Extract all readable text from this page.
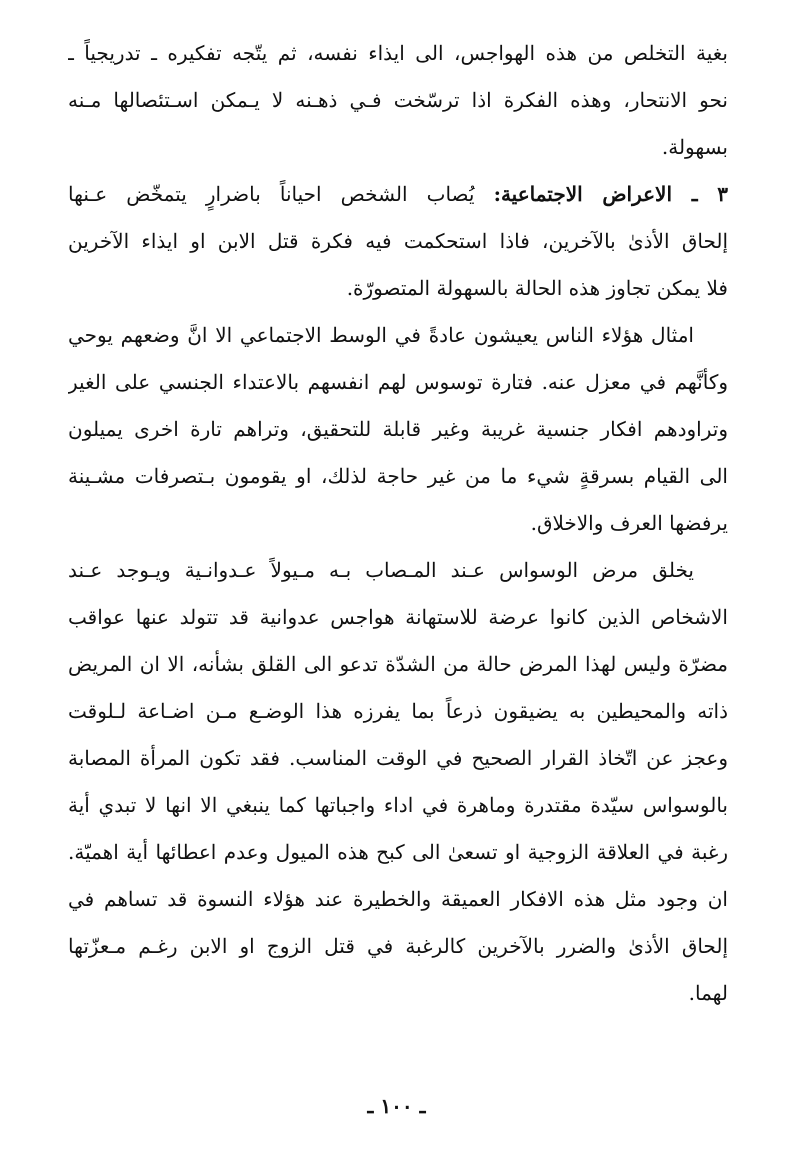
بغية التخلص من هذه الهواجس، الى ايذاء نفسه، ثم يتّجه تفكيره ـ تدريجياً ـ
نحو الانتحار، وهذه الفكرة اذا ترسّخت فـي ذهـنه لا يـمكن اسـتئصالها مـنه
بسهولة.
٣ ـ الاعراض الاجتماعية: يُصاب الشخص احياناً باضرارٍ يتمخّض عـنها
إلحاق الأذىٰ بالآخرين، فاذا استحكمت فيه فكرة قتل الابن او ايذاء الآخرين
فلا يمكن تجاوز هذه الحالة بالسهولة المتصورّة.
امثال هؤلاء الناس يعيشون عادةً في الوسط الاجتماعي الا انَّ وضعهم يوحي
وكأنَّهم في معزل عنه. فتارة توسوس لهم انفسهم بالاعتداء الجنسي على الغير
وتراودهم افكار جنسية غريبة وغير قابلة للتحقيق، وتراهم تارة اخرى يميلون
الى القيام بسرقةٍ شيء ما من غير حاجة لذلك، او يقومون بـتصرفات مشـينة
يرفضها العرف والاخلاق.
يخلق مرض الوسواس عـند المـصاب بـه مـيولاً عـدوانـية ويـوجد عـند
الاشخاص الذين كانوا عرضة للاستهانة هواجس عدوانية قد تتولد عنها عواقب
مضرّة وليس لهذا المرض حالة من الشدّة تدعو الى القلق بشأنه، الا ان المريض
ذاته والمحيطين به يضيقون ذرعاً بما يفرزه هذا الوضـع مـن اضـاعة لـلوقت
وعجز عن اتّخاذ القرار الصحيح في الوقت المناسب. فقد تكون المرأة المصابة
بالوسواس سيّدة مقتدرة وماهرة في اداء واجباتها كما ينبغي الا انها لا تبدي أية
رغبة في العلاقة الزوجية او تسعىٰ الى كبح هذه الميول وعدم اعطائها أية اهميّة.
ان وجود مثل هذه الافكار العميقة والخطيرة عند هؤلاء النسوة قد تساهم في
إلحاق الأذىٰ والضرر بالآخرين كالرغبة في قتل الزوج او الابن رغـم مـعزّتها
لهما.
ـ ١٠٠ ـ
